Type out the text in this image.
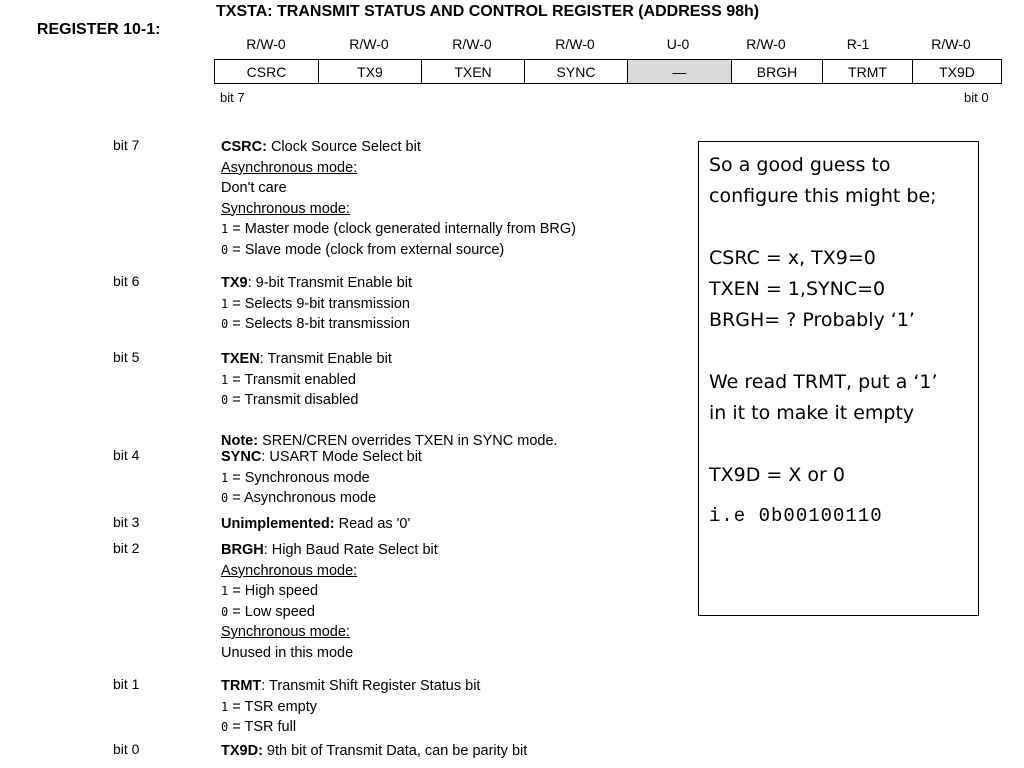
REGISTER 10-1:

TXSTA: TRANSMIT STATUS AND CONTROL REGISTER (ADDRESS 98h)

R/W-0	R/W-0	R/W-0	R/W-0	U-0	R/W-0	R-1	R/W-0
CSRC	TX9	TXEN	SYNC	—	BRGH	TRMT	TX9D
bit 7	bit 0
bit 7	CSRC: Clock Source Select bit
Asynchronous mode:
Don't care
Synchronous mode:
1 = Master mode (clock generated internally from BRG)
0 = Slave mode (clock from external source)
bit 6	TX9: 9-bit Transmit Enable bit
1 = Selects 9-bit transmission
0 = Selects 8-bit transmission
bit 5	TXEN: Transmit Enable bit
1 = Transmit enabled
0 = Transmit disabled

Note: SREN/CREN overrides TXEN in SYNC mode.
bit 4	SYNC: USART Mode Select bit
1 = Synchronous mode
0 = Asynchronous mode
bit 3	Unimplemented: Read as '0'
bit 2	BRGH: High Baud Rate Select bit
Asynchronous mode:
1 = High speed
0 = Low speed
Synchronous mode:
Unused in this mode
bit 1	TRMT: Transmit Shift Register Status bit
1 = TSR empty
0 = TSR full
bit 0	TX9D: 9th bit of Transmit Data, can be parity bit
So a good guess to
configure this might be;
CSRC = x, TX9=0
TXEN = 1,SYNC=0
BRGH= ? Probably ‘1’
We read TRMT, put a ‘1’
in it to make it empty
TX9D = X or 0
i.e 0b00100110
